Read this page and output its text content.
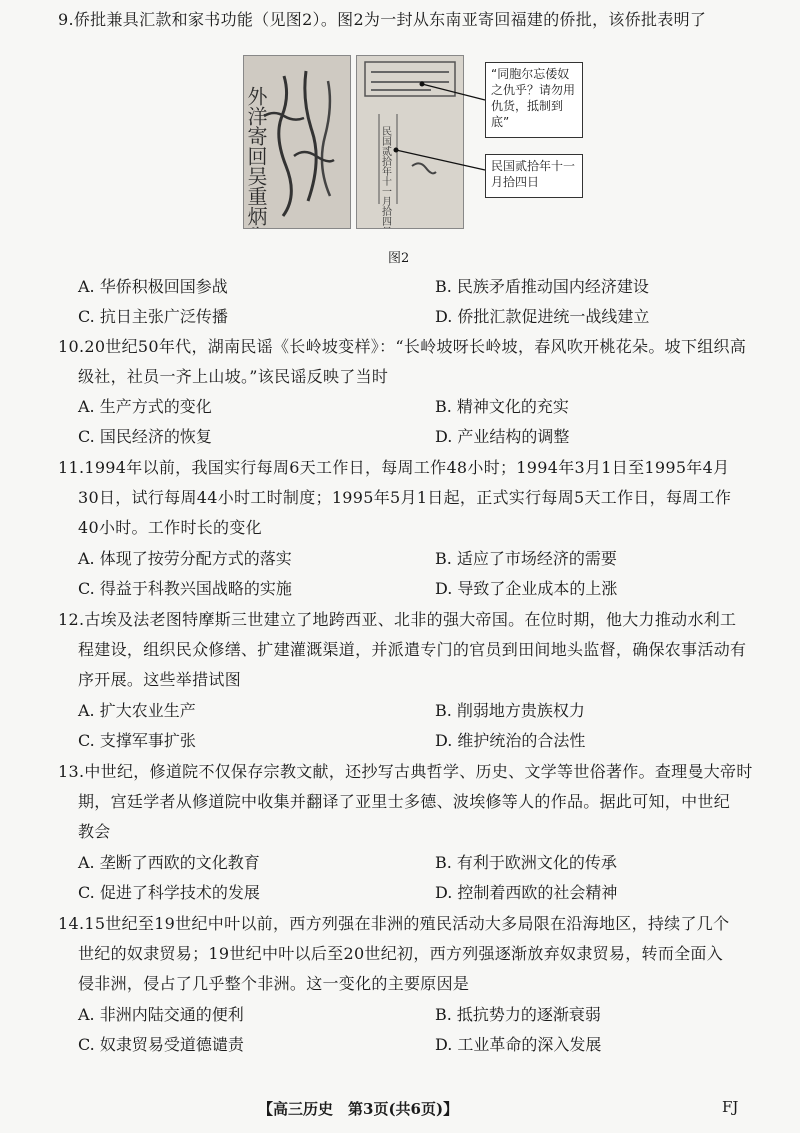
9.侨批兼具汇款和家书功能（见图2）。图2为一封从东南亚寄回福建的侨批，该侨批表明了
外洋寄回吴重炳先生	民国贰拾年十一月拾四日
“同胞尔忘倭奴之仇乎？请勿用仇货，抵制到底”
民国贰拾年十一月拾四日
图2
A. 华侨积极回国参战	B. 民族矛盾推动国内经济建设
C. 抗日主张广泛传播	D. 侨批汇款促进统一战线建立
10.20世纪50年代，湖南民谣《长岭坡变样》：“长岭坡呀长岭坡，春风吹开桃花朵。坡下组织高
级社，社员一齐上山坡。”该民谣反映了当时
A. 生产方式的变化	B. 精神文化的充实
C. 国民经济的恢复	D. 产业结构的调整
11.1994年以前，我国实行每周6天工作日，每周工作48小时；1994年3月1日至1995年4月
30日，试行每周44小时工时制度；1995年5月1日起，正式实行每周5天工作日，每周工作
40小时。工作时长的变化
A. 体现了按劳分配方式的落实	B. 适应了市场经济的需要
C. 得益于科教兴国战略的实施	D. 导致了企业成本的上涨
12.古埃及法老图特摩斯三世建立了地跨西亚、北非的强大帝国。在位时期，他大力推动水利工
程建设，组织民众修缮、扩建灌溉渠道，并派遣专门的官员到田间地头监督，确保农事活动有
序开展。这些举措试图
A. 扩大农业生产	B. 削弱地方贵族权力
C. 支撑军事扩张	D. 维护统治的合法性
13.中世纪，修道院不仅保存宗教文献，还抄写古典哲学、历史、文学等世俗著作。查理曼大帝时
期，宫廷学者从修道院中收集并翻译了亚里士多德、波埃修等人的作品。据此可知，中世纪
教会
A. 垄断了西欧的文化教育	B. 有利于欧洲文化的传承
C. 促进了科学技术的发展	D. 控制着西欧的社会精神
14.15世纪至19世纪中叶以前，西方列强在非洲的殖民活动大多局限在沿海地区，持续了几个
世纪的奴隶贸易；19世纪中叶以后至20世纪初，西方列强逐渐放弃奴隶贸易，转而全面入
侵非洲，侵占了几乎整个非洲。这一变化的主要原因是
A. 非洲内陆交通的便利	B. 抵抗势力的逐渐衰弱
C. 奴隶贸易受道德谴责	D. 工业革命的深入发展
【高三历史　第3页(共6页)】	FJ
